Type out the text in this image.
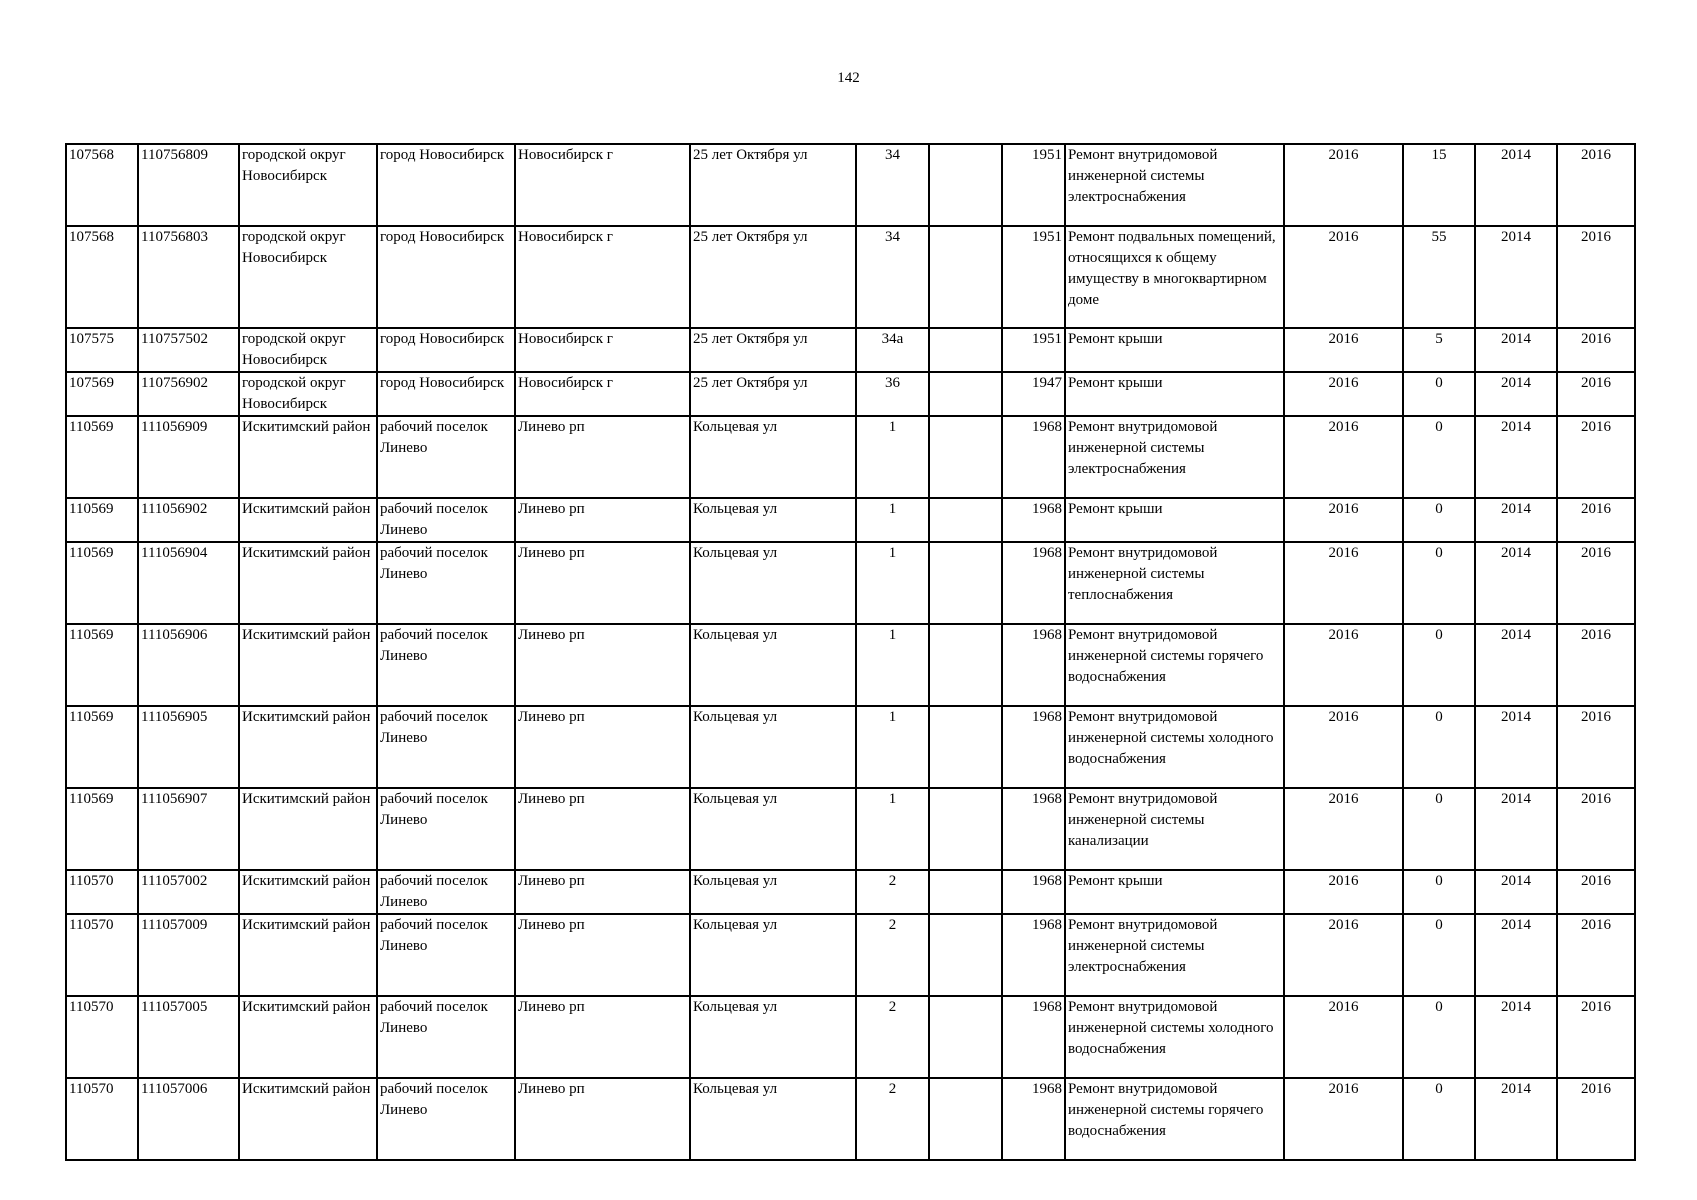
142
107568	110756809	городской округ Новосибирск	город Новосибирск	Новосибирск г	25 лет Октября ул	34		1951	Ремонт внутридомовой инженерной системы электроснабжения	2016	15	2014	2016
107568	110756803	городской округ Новосибирск	город Новосибирск	Новосибирск г	25 лет Октября ул	34		1951	Ремонт подвальных помещений, относящихся к общему имуществу в многоквартирном доме	2016	55	2014	2016
107575	110757502	городской округ Новосибирск	город Новосибирск	Новосибирск г	25 лет Октября ул	34а		1951	Ремонт крыши	2016	5	2014	2016
107569	110756902	городской округ Новосибирск	город Новосибирск	Новосибирск г	25 лет Октября ул	36		1947	Ремонт крыши	2016	0	2014	2016
110569	111056909	Искитимский район	рабочий поселок Линево	Линево рп	Кольцевая ул	1		1968	Ремонт внутридомовой инженерной системы электроснабжения	2016	0	2014	2016
110569	111056902	Искитимский район	рабочий поселок Линево	Линево рп	Кольцевая ул	1		1968	Ремонт крыши	2016	0	2014	2016
110569	111056904	Искитимский район	рабочий поселок Линево	Линево рп	Кольцевая ул	1		1968	Ремонт внутридомовой инженерной системы теплоснабжения	2016	0	2014	2016
110569	111056906	Искитимский район	рабочий поселок Линево	Линево рп	Кольцевая ул	1		1968	Ремонт внутридомовой инженерной системы горячего водоснабжения	2016	0	2014	2016
110569	111056905	Искитимский район	рабочий поселок Линево	Линево рп	Кольцевая ул	1		1968	Ремонт внутридомовой инженерной системы холодного водоснабжения	2016	0	2014	2016
110569	111056907	Искитимский район	рабочий поселок Линево	Линево рп	Кольцевая ул	1		1968	Ремонт внутридомовой инженерной системы канализации	2016	0	2014	2016
110570	111057002	Искитимский район	рабочий поселок Линево	Линево рп	Кольцевая ул	2		1968	Ремонт крыши	2016	0	2014	2016
110570	111057009	Искитимский район	рабочий поселок Линево	Линево рп	Кольцевая ул	2		1968	Ремонт внутридомовой инженерной системы электроснабжения	2016	0	2014	2016
110570	111057005	Искитимский район	рабочий поселок Линево	Линево рп	Кольцевая ул	2		1968	Ремонт внутридомовой инженерной системы холодного водоснабжения	2016	0	2014	2016
110570	111057006	Искитимский район	рабочий поселок Линево	Линево рп	Кольцевая ул	2		1968	Ремонт внутридомовой инженерной системы горячего водоснабжения	2016	0	2014	2016
